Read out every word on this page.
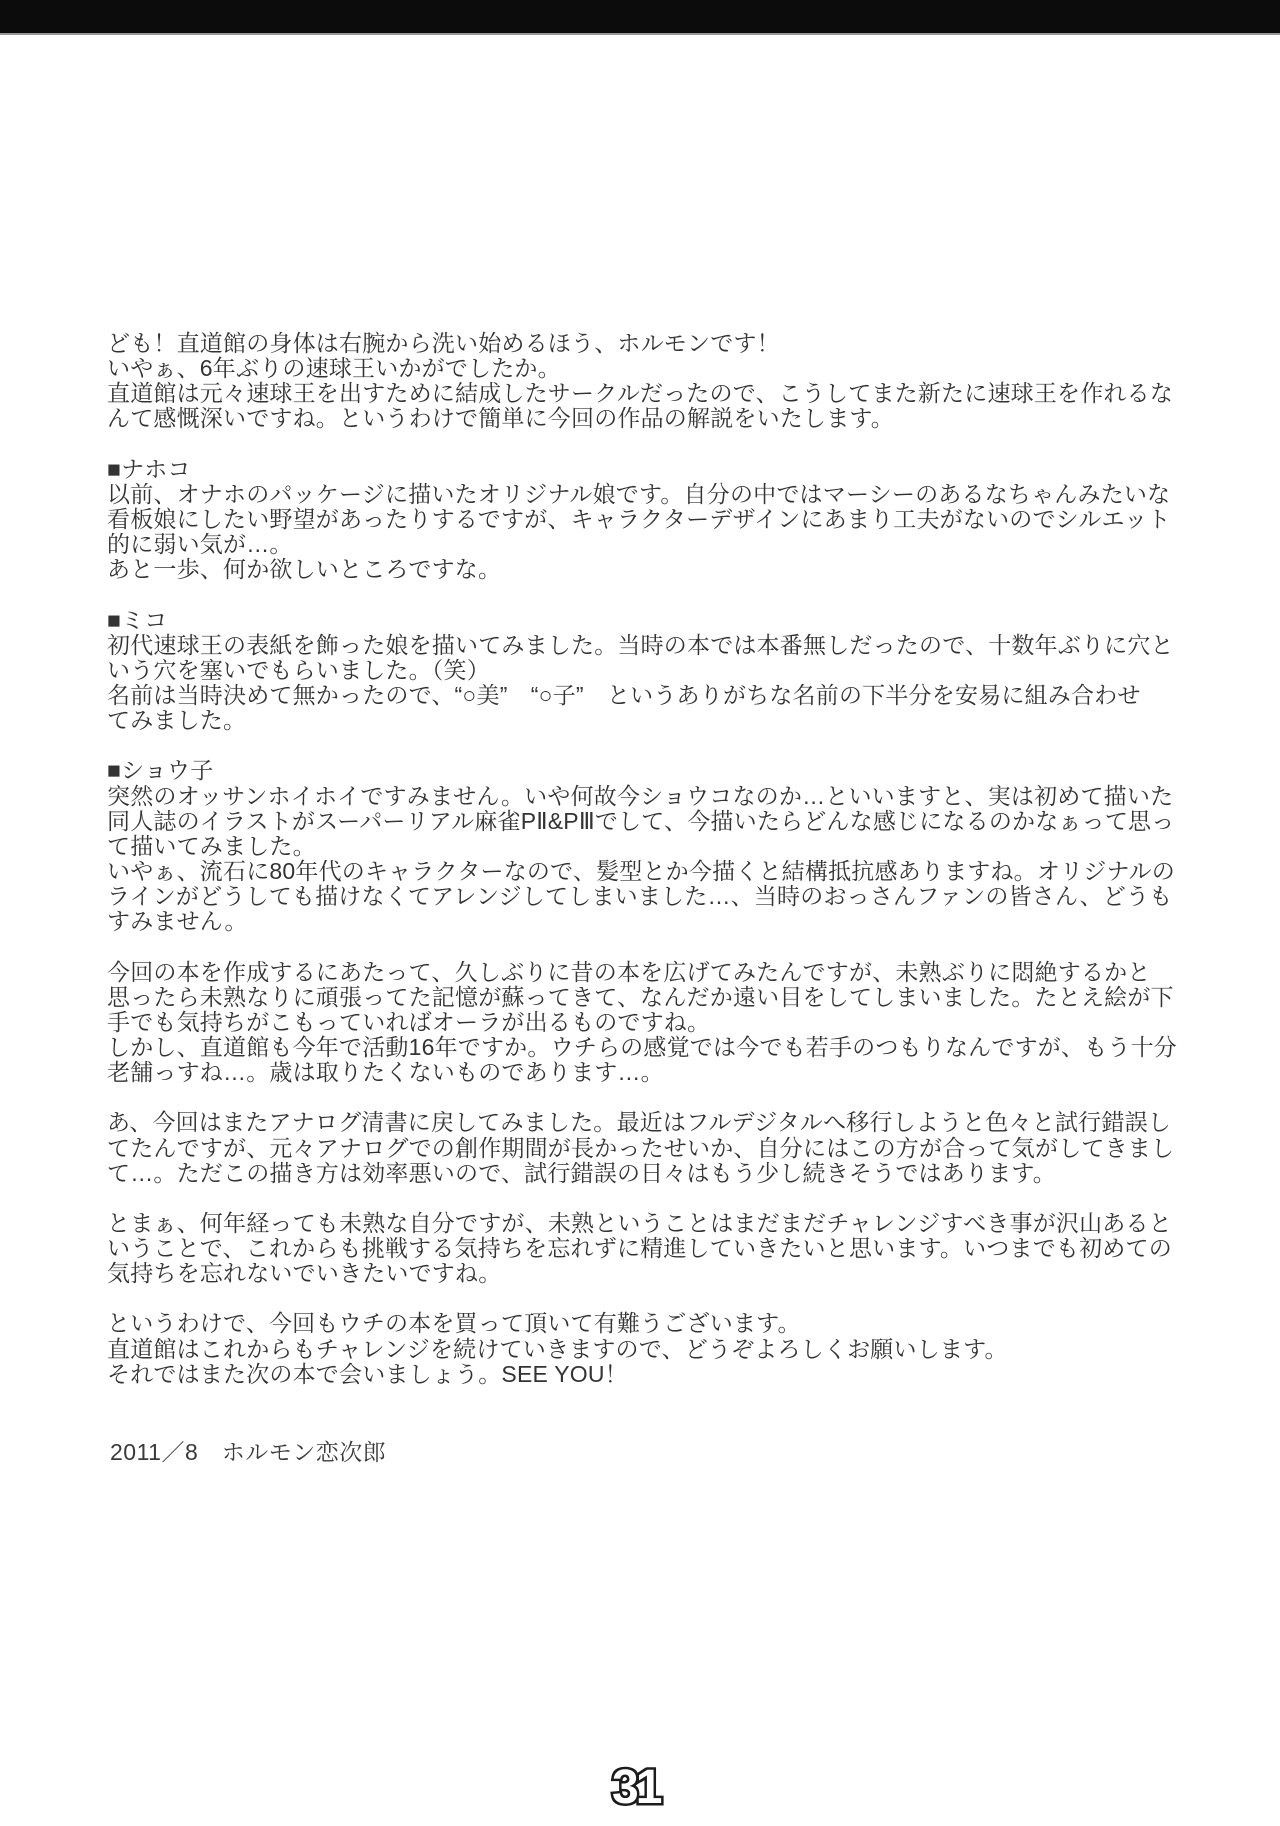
ども！直道館の身体は右腕から洗い始めるほう、ホルモンです！
いやぁ、6年ぶりの速球王いかがでしたか。
直道館は元々速球王を出すために結成したサークルだったので、こうしてまた新たに速球王を作れるな
んて感慨深いですね。というわけで簡単に今回の作品の解説をいたします。

■ナホコ
以前、オナホのパッケージに描いたオリジナル娘です。自分の中ではマーシーのあるなちゃんみたいな
看板娘にしたい野望があったりするですが、キャラクターデザインにあまり工夫がないのでシルエット
的に弱い気が…。
あと一歩、何か欲しいところですな。

■ミコ
初代速球王の表紙を飾った娘を描いてみました。当時の本では本番無しだったので、十数年ぶりに穴と
いう穴を塞いでもらいました。（笑）
名前は当時決めて無かったので、“○美”　“○子”　というありがちな名前の下半分を安易に組み合わせ
てみました。

■ショウ子
突然のオッサンホイホイですみません。いや何故今ショウコなのか…といいますと、実は初めて描いた
同人誌のイラストがスーパーリアル麻雀PⅡ&PⅢでして、今描いたらどんな感じになるのかなぁって思っ
て描いてみました。
いやぁ、流石に80年代のキャラクターなので、髪型とか今描くと結構抵抗感ありますね。オリジナルの
ラインがどうしても描けなくてアレンジしてしまいました…、当時のおっさんファンの皆さん、どうも
すみません。

今回の本を作成するにあたって、久しぶりに昔の本を広げてみたんですが、未熟ぶりに悶絶するかと
思ったら未熟なりに頑張ってた記憶が蘇ってきて、なんだか遠い目をしてしまいました。たとえ絵が下
手でも気持ちがこもっていればオーラが出るものですね。
しかし、直道館も今年で活動16年ですか。ウチらの感覚では今でも若手のつもりなんですが、もう十分
老舗っすね…。歳は取りたくないものであります…。

あ、今回はまたアナログ清書に戻してみました。最近はフルデジタルへ移行しようと色々と試行錯誤し
てたんですが、元々アナログでの創作期間が長かったせいか、自分にはこの方が合って気がしてきまし
て…。ただこの描き方は効率悪いので、試行錯誤の日々はもう少し続きそうではあります。

とまぁ、何年経っても未熟な自分ですが、未熟ということはまだまだチャレンジすべき事が沢山あると
いうことで、これからも挑戦する気持ちを忘れずに精進していきたいと思います。いつまでも初めての
気持ちを忘れないでいきたいですね。

というわけで、今回もウチの本を買って頂いて有難うございます。
直道館はこれからもチャレンジを続けていきますので、どうぞよろしくお願いします。
それではまた次の本で会いましょう。SEE YOU！
2011／8　ホルモン恋次郎
31
